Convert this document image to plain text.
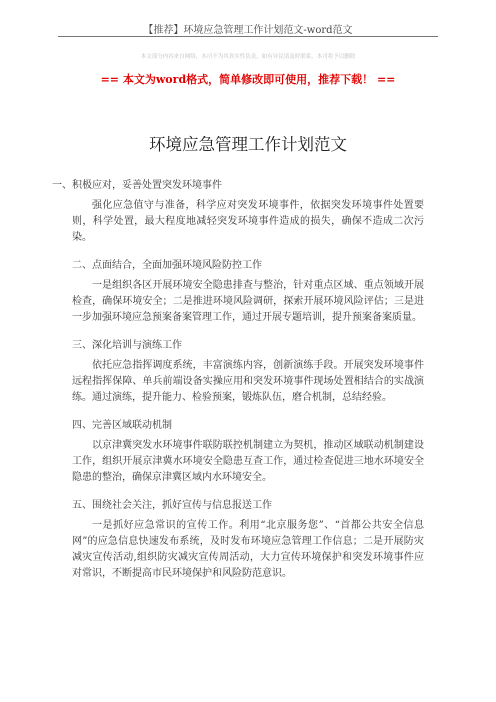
【推荐】环境应急管理工作计划范文-word范文
本文部分内容来自网络，本司不为其真实性负责，如有异议请及时联系，本司将予以删除
== 本文为word格式，简单修改即可使用，推荐下载！ ==
环境应急管理工作计划范文

一、积极应对，妥善处置突发环境事件

强化应急值守与准备，科学应对突发环境事件，依据突发环境事件处置要则，科学处置，最大程度地减轻突发环境事件造成的损失，确保不造成二次污染。

二、点面结合，全面加强环境风险防控工作

一是组织各区开展环境安全隐患排查与整治，针对重点区域、重点领域开展检查，确保环境安全；二是推进环境风险调研，探索开展环境风险评估；三是进一步加强环境应急预案备案管理工作，通过开展专题培训，提升预案备案质量。

三、深化培训与演练工作

依托应急指挥调度系统，丰富演练内容，创新演练手段。开展突发环境事件远程指挥保障、单兵前端设备实操应用和突发环境事件现场处置相结合的实战演练。通过演练，提升能力、检验预案，锻炼队伍，磨合机制，总结经验。

四、完善区域联动机制

以京津冀突发水环境事件联防联控机制建立为契机，推动区域联动机制建设工作，组织开展京津冀水环境安全隐患互查工作，通过检查促进三地水环境安全隐患的整治，确保京津冀区域内水环境安全。

五、围绕社会关注，抓好宣传与信息报送工作

一是抓好应急常识的宣传工作。利用“北京服务您”、“首都公共安全信息网”的应急信息快速发布系统，及时发布环境应急管理工作信息；二是开展防灾减灾宣传活动,组织防灾减灾宣传周活动，大力宣传环境保护和突发环境事件应对常识，不断提高市民环境保护和风险防范意识。
